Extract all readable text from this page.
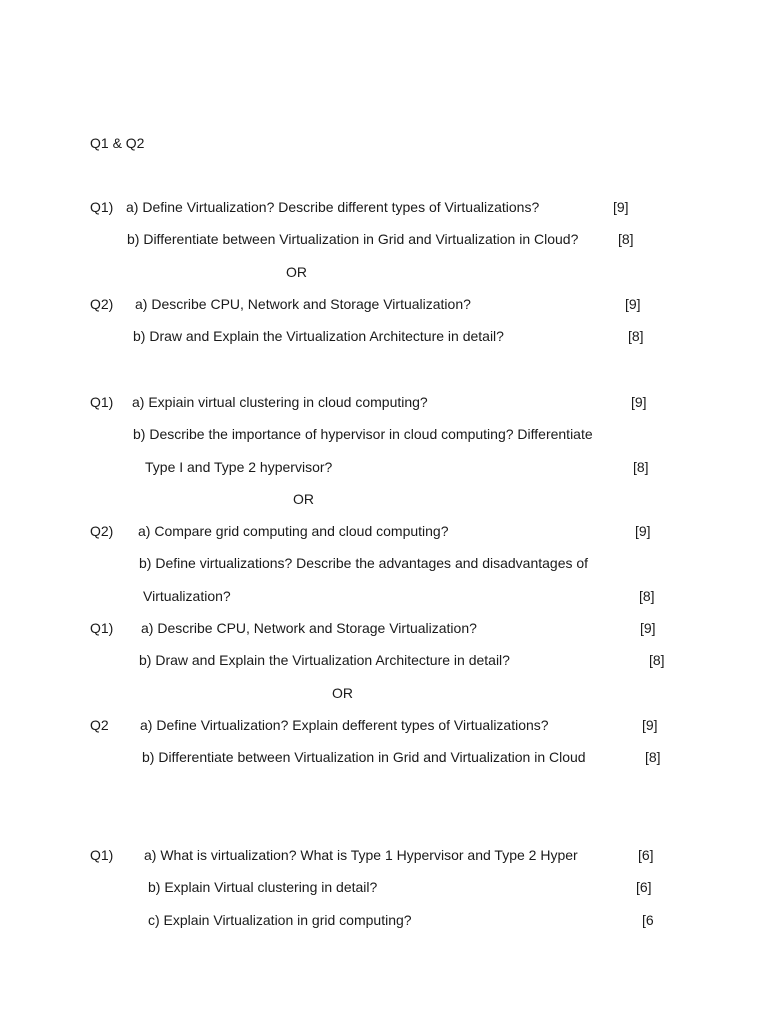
Q1 & Q2
Q1) a) Define Virtualization? Describe different types of Virtualizations?	[9]
b) Differentiate between Virtualization in Grid and Virtualization in Cloud?	[8]
OR
Q2) a) Describe CPU, Network and Storage Virtualization?	[9]
b) Draw and Explain the Virtualization Architecture in detail?	[8]
Q1) a) Expiain virtual clustering in cloud computing?	[9]
b) Describe the importance of hypervisor in cloud computing? Differentiate
Type I and Type 2 hypervisor?	[8]
OR
Q2) a) Compare grid computing and cloud computing?	[9]
b) Define virtualizations? Describe the advantages and disadvantages of
Virtualization?	[8]
Q1) a) Describe CPU, Network and Storage Virtualization?	[9]
b) Draw and Explain the Virtualization Architecture in detail?	[8]
OR
Q2 a) Define Virtualization? Explain defferent types of Virtualizations?	[9]
b) Differentiate between Virtualization in Grid and Virtualization in Cloud	[8]
Q1) a) What is virtualization? What is Type 1 Hypervisor and Type 2 Hyper	[6]
b) Explain Virtual clustering in detail?	[6]
c) Explain Virtualization in grid computing?	[6
